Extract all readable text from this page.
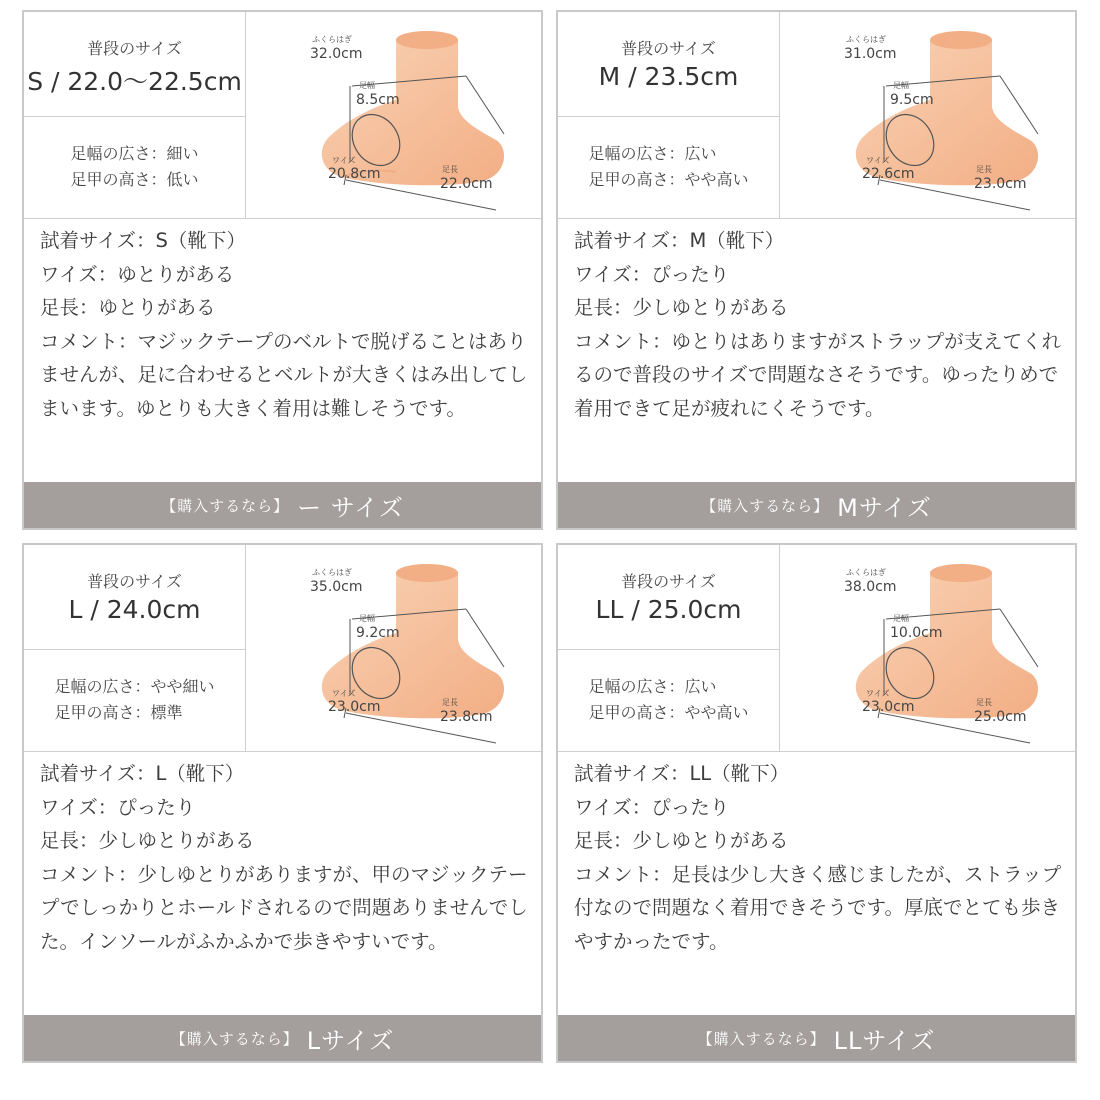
普段のサイズ
S / 22.0～22.5cm
足幅の広さ：細い
足甲の高さ：低い
ふくらはぎ
32.0cm
足幅
8.5cm
ワイズ
20.8cm	足長
22.0cm
試着サイズ：S（靴下）
ワイズ：ゆとりがある
足長：ゆとりがある
コメント：マジックテープのベルトで脱げることはありませんが、足に合わせるとベルトが大きくはみ出してしまいます。ゆとりも大きく着用は難しそうです。
【購入するなら】 ー サイズ
普段のサイズ
M / 23.5cm
足幅の広さ：広い
足甲の高さ：やや高い
ふくらはぎ
31.0cm
足幅
9.5cm
ワイズ
22.6cm	足長
23.0cm
試着サイズ：M（靴下）
ワイズ：ぴったり
足長：少しゆとりがある
コメント：ゆとりはありますがストラップが支えてくれるので普段のサイズで問題なさそうです。ゆったりめで着用できて足が疲れにくそうです。
【購入するなら】 Mサイズ
普段のサイズ
L / 24.0cm
足幅の広さ：やや細い
足甲の高さ：標準
ふくらはぎ
35.0cm
足幅
9.2cm
ワイズ
23.0cm	足長
23.8cm
試着サイズ：L（靴下）
ワイズ：ぴったり
足長：少しゆとりがある
コメント：少しゆとりがありますが、甲のマジックテープでしっかりとホールドされるので問題ありませんでした。インソールがふかふかで歩きやすいです。
【購入するなら】 Lサイズ
普段のサイズ
LL / 25.0cm
足幅の広さ：広い
足甲の高さ：やや高い
ふくらはぎ
38.0cm
足幅
10.0cm
ワイズ
23.0cm	足長
25.0cm
試着サイズ：LL（靴下）
ワイズ：ぴったり
足長：少しゆとりがある
コメント：足長は少し大きく感じましたが、ストラップ付なので問題なく着用できそうです。厚底でとても歩きやすかったです。
【購入するなら】 LLサイズ
